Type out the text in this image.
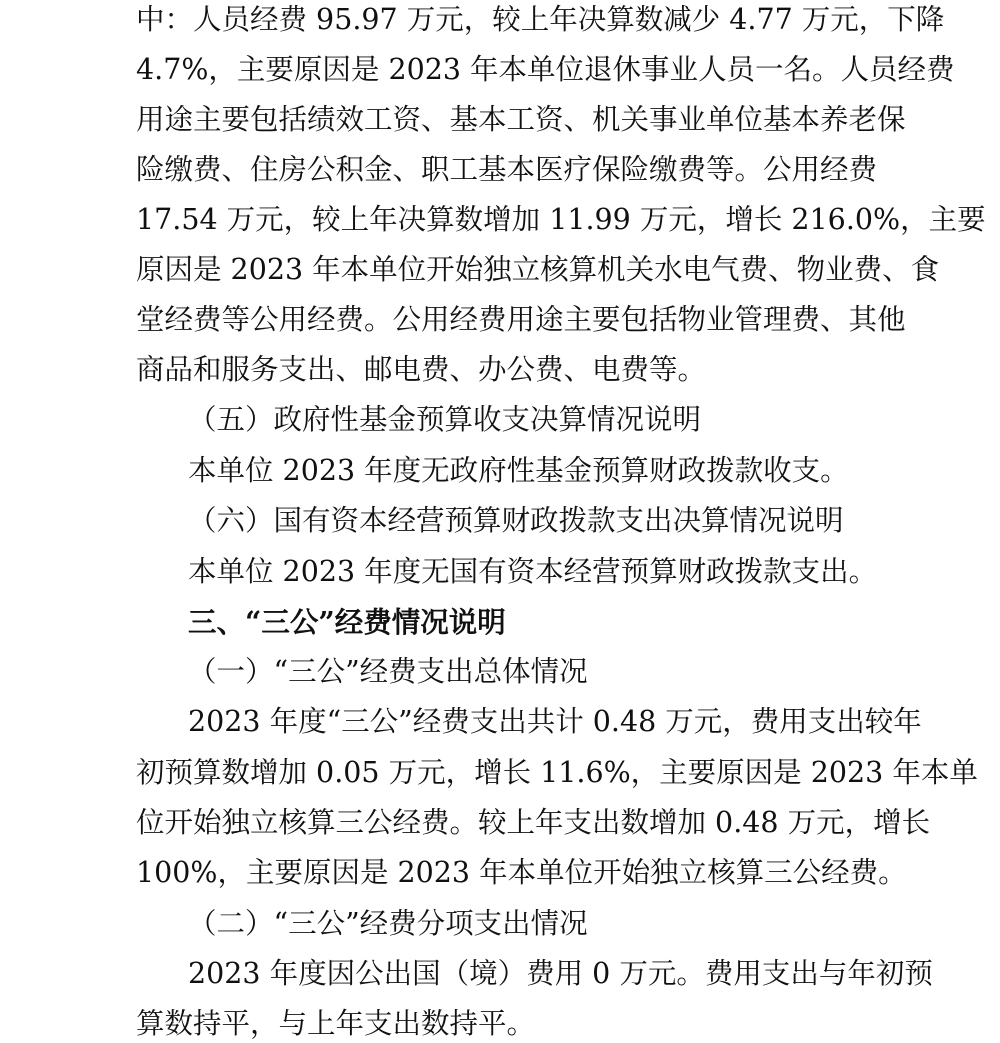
中：人员经费 95.97 万元，较上年决算数减少 4.77 万元，下降
4.7%，主要原因是 2023 年本单位退休事业人员一名。人员经费
用途主要包括绩效工资、基本工资、机关事业单位基本养老保
险缴费、住房公积金、职工基本医疗保险缴费等。公用经费
17.54 万元，较上年决算数增加 11.99 万元，增长 216.0%，主要
原因是 2023 年本单位开始独立核算机关水电气费、物业费、食
堂经费等公用经费。公用经费用途主要包括物业管理费、其他
商品和服务支出、邮电费、办公费、电费等。
（五）政府性基金预算收支决算情况说明
本单位 2023 年度无政府性基金预算财政拨款收支。
（六）国有资本经营预算财政拨款支出决算情况说明
本单位 2023 年度无国有资本经营预算财政拨款支出。
三、“三公”经费情况说明
（一）“三公”经费支出总体情况
2023 年度“三公”经费支出共计 0.48 万元，费用支出较年
初预算数增加 0.05 万元，增长 11.6%，主要原因是 2023 年本单
位开始独立核算三公经费。较上年支出数增加 0.48 万元，增长
100%，主要原因是 2023 年本单位开始独立核算三公经费。
（二）“三公”经费分项支出情况
2023 年度因公出国（境）费用 0 万元。费用支出与年初预
算数持平，与上年支出数持平。
